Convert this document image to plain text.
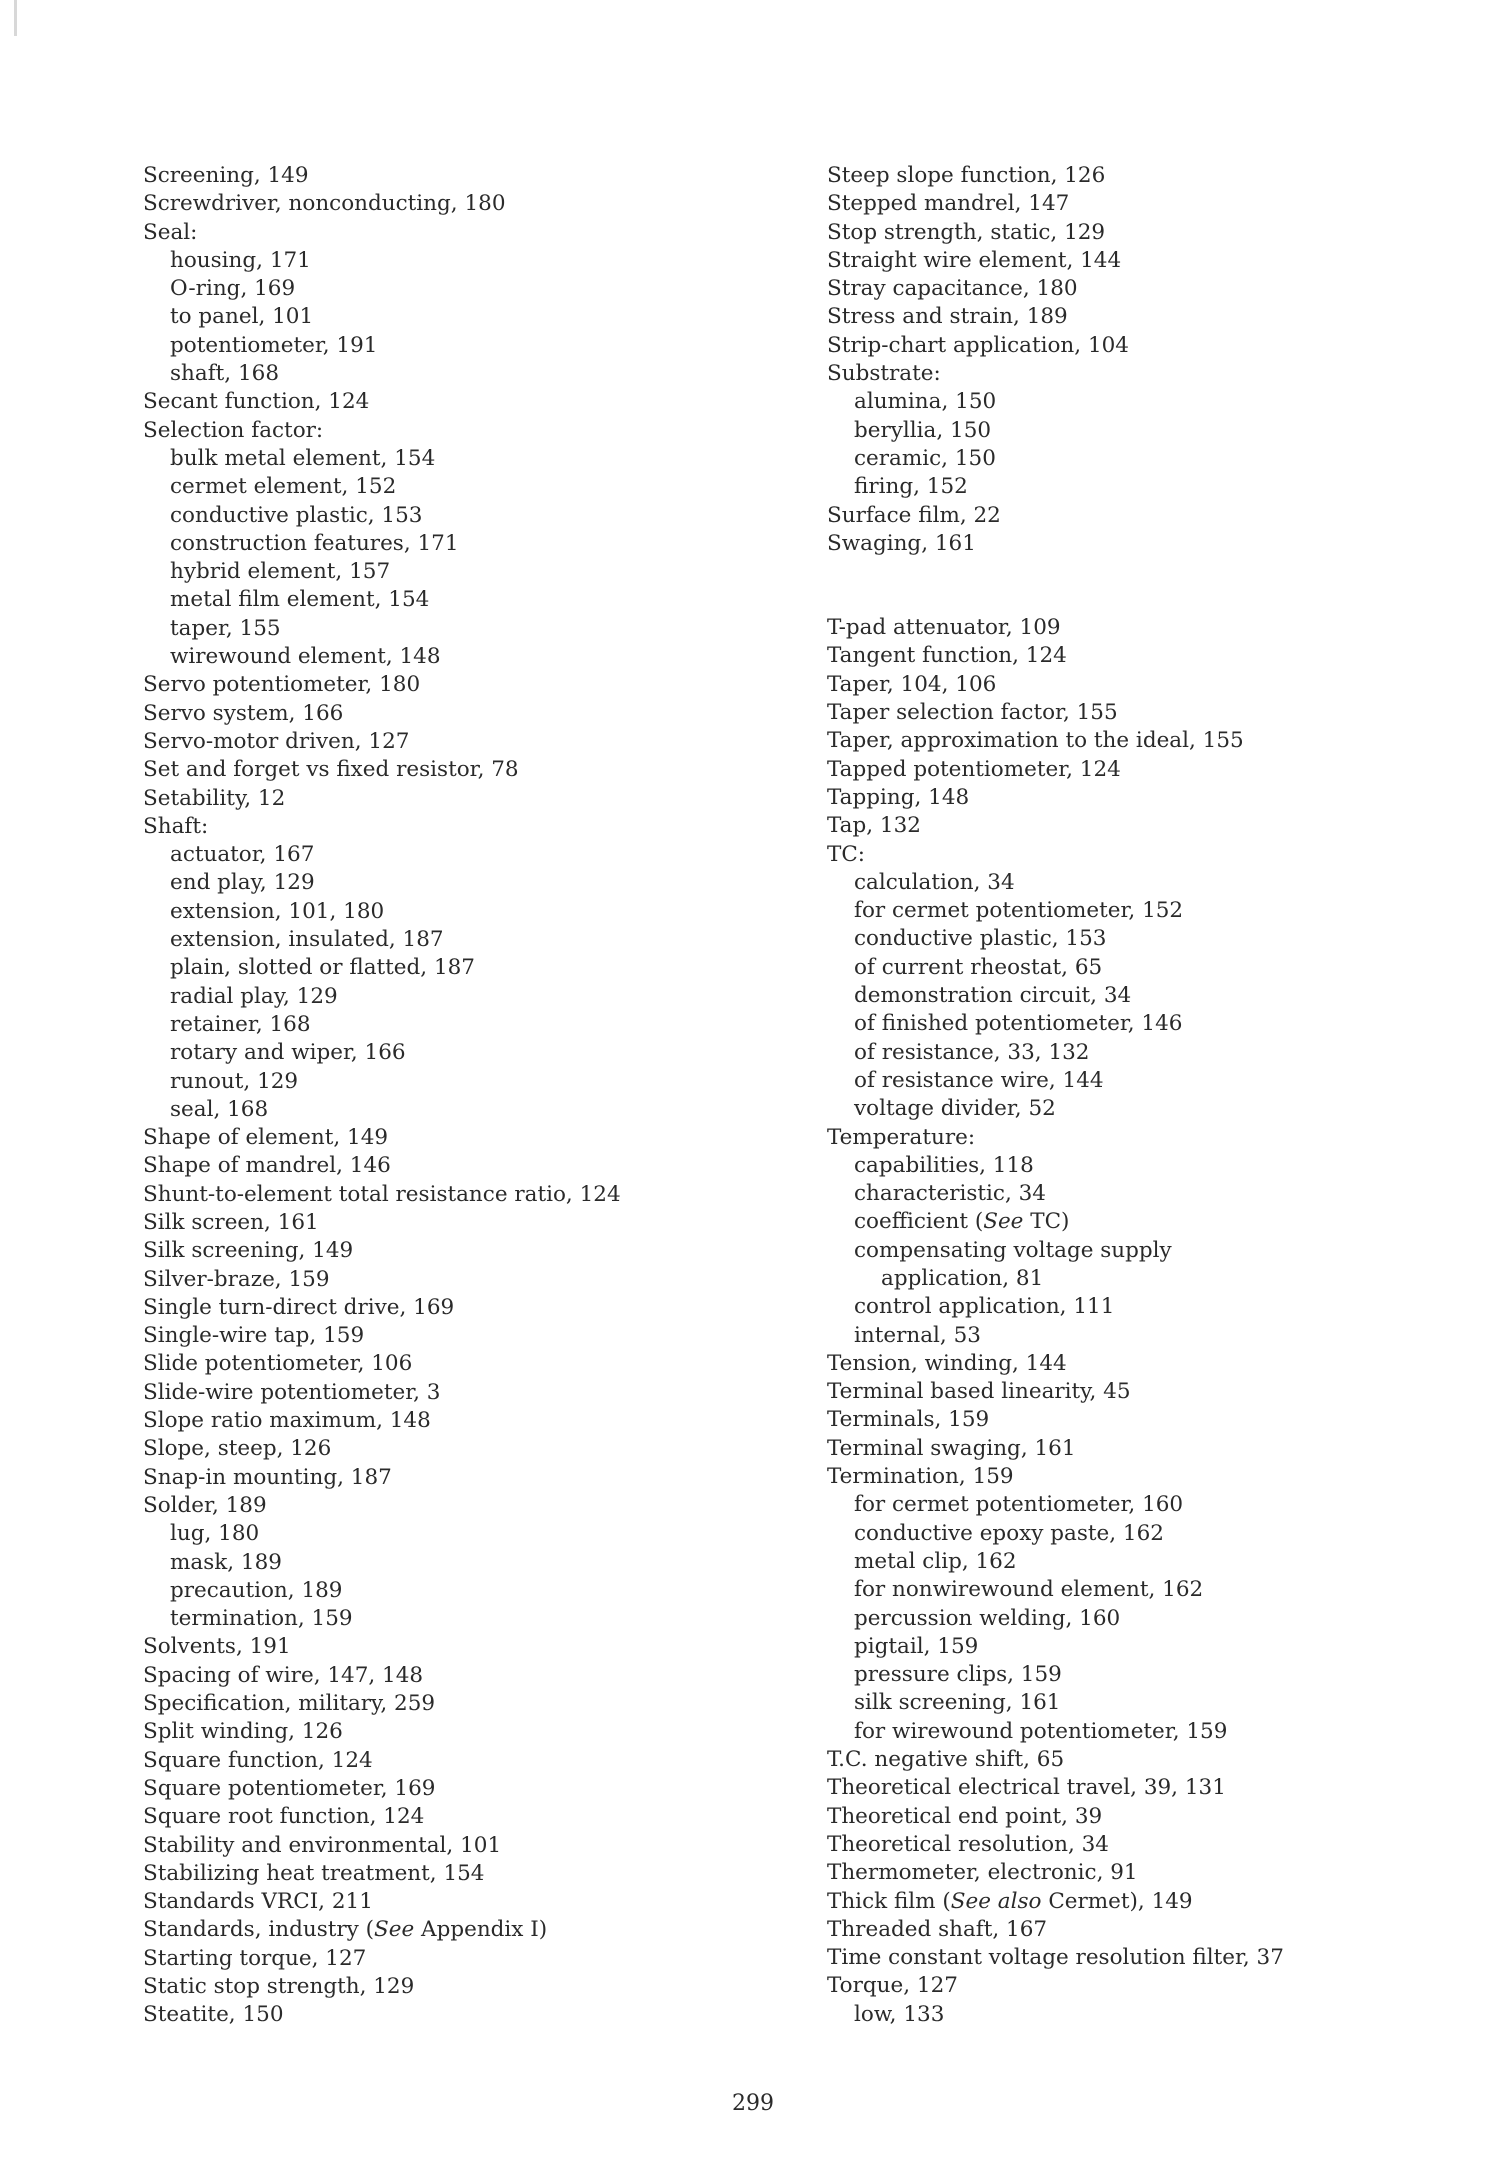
Screening, 149
Screwdriver, nonconducting, 180
Seal:
housing, 171
O-ring, 169
to panel, 101
potentiometer, 191
shaft, 168
Secant function, 124
Selection factor:
bulk metal element, 154
cermet element, 152
conductive plastic, 153
construction features, 171
hybrid element, 157
metal film element, 154
taper, 155
wirewound element, 148
Servo potentiometer, 180
Servo system, 166
Servo-motor driven, 127
Set and forget vs fixed resistor, 78
Setability, 12
Shaft:
actuator, 167
end play, 129
extension, 101, 180
extension, insulated, 187
plain, slotted or flatted, 187
radial play, 129
retainer, 168
rotary and wiper, 166
runout, 129
seal, 168
Shape of element, 149
Shape of mandrel, 146
Shunt-to-element total resistance ratio, 124
Silk screen, 161
Silk screening, 149
Silver-braze, 159
Single turn-direct drive, 169
Single-wire tap, 159
Slide potentiometer, 106
Slide-wire potentiometer, 3
Slope ratio maximum, 148
Slope, steep, 126
Snap-in mounting, 187
Solder, 189
lug, 180
mask, 189
precaution, 189
termination, 159
Solvents, 191
Spacing of wire, 147, 148
Specification, military, 259
Split winding, 126
Square function, 124
Square potentiometer, 169
Square root function, 124
Stability and environmental, 101
Stabilizing heat treatment, 154
Standards VRCI, 211
Standards, industry (See Appendix I)
Starting torque, 127
Static stop strength, 129
Steatite, 150
Steep slope function, 126
Stepped mandrel, 147
Stop strength, static, 129
Straight wire element, 144
Stray capacitance, 180
Stress and strain, 189
Strip-chart application, 104
Substrate:
alumina, 150
beryllia, 150
ceramic, 150
firing, 152
Surface film, 22
Swaging, 161
T-pad attenuator, 109
Tangent function, 124
Taper, 104, 106
Taper selection factor, 155
Taper, approximation to the ideal, 155
Tapped potentiometer, 124
Tapping, 148
Tap, 132
TC:
calculation, 34
for cermet potentiometer, 152
conductive plastic, 153
of current rheostat, 65
demonstration circuit, 34
of finished potentiometer, 146
of resistance, 33, 132
of resistance wire, 144
voltage divider, 52
Temperature:
capabilities, 118
characteristic, 34
coefficient (See TC)
compensating voltage supply
application, 81
control application, 111
internal, 53
Tension, winding, 144
Terminal based linearity, 45
Terminals, 159
Terminal swaging, 161
Termination, 159
for cermet potentiometer, 160
conductive epoxy paste, 162
metal clip, 162
for nonwirewound element, 162
percussion welding, 160
pigtail, 159
pressure clips, 159
silk screening, 161
for wirewound potentiometer, 159
T.C. negative shift, 65
Theoretical electrical travel, 39, 131
Theoretical end point, 39
Theoretical resolution, 34
Thermometer, electronic, 91
Thick film (See also Cermet), 149
Threaded shaft, 167
Time constant voltage resolution filter, 37
Torque, 127
low, 133
299
